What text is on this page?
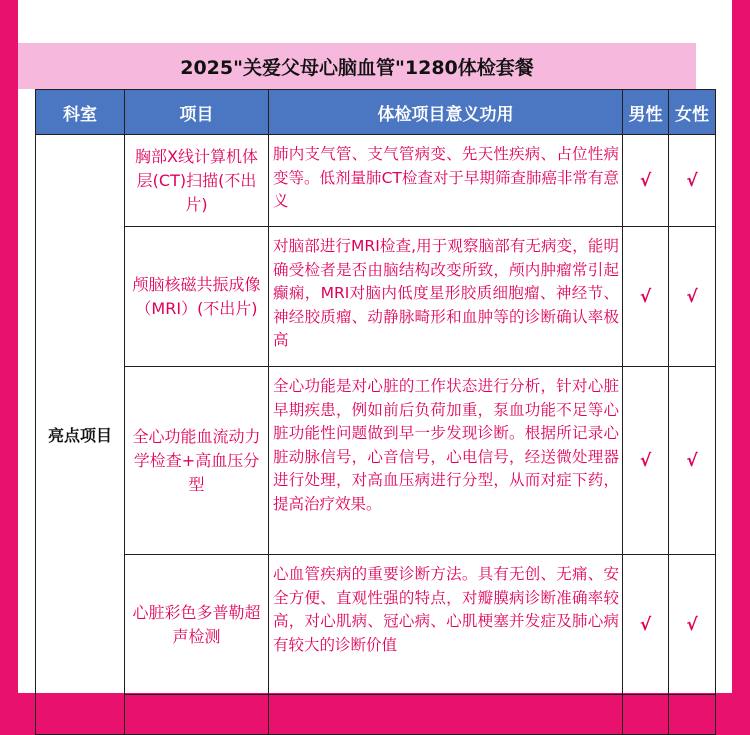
2025"关爱父母心脑血管"1280体检套餐
科室	项目	体检项目意义功用	男性	女性
亮点项目	胸部X线计算机体层(CT)扫描(不出片)	肺内支气管、支气管病变、先天性疾病、占位性病变等。低剂量肺CT检查对于早期筛查肺癌非常有意义	√	√
	颅脑核磁共振成像（MRI）(不出片)	对脑部进行MRI检查,用于观察脑部有无病变，能明确受检者是否由脑结构改变所致，颅内肿瘤常引起癫痫，MRI对脑内低度星形胶质细胞瘤、神经节、神经胶质瘤、动静脉畸形和血肿等的诊断确认率极高	√	√
	全心功能血流动力学检查+高血压分型	全心功能是对心脏的工作状态进行分析，针对心脏早期疾患，例如前后负荷加重，泵血功能不足等心脏功能性问题做到早一步发现诊断。根据所记录心脏动脉信号，心音信号，心电信号，经送微处理器进行处理，对高血压病进行分型，从而对症下药，提高治疗效果。	√	√
	心脏彩色多普勒超声检测	心血管疾病的重要诊断方法。具有无创、无痛、安全方便、直观性强的特点，对瓣膜病诊断准确率较高，对心肌病、冠心病、心肌梗塞并发症及肺心病有较大的诊断价值	√	√
